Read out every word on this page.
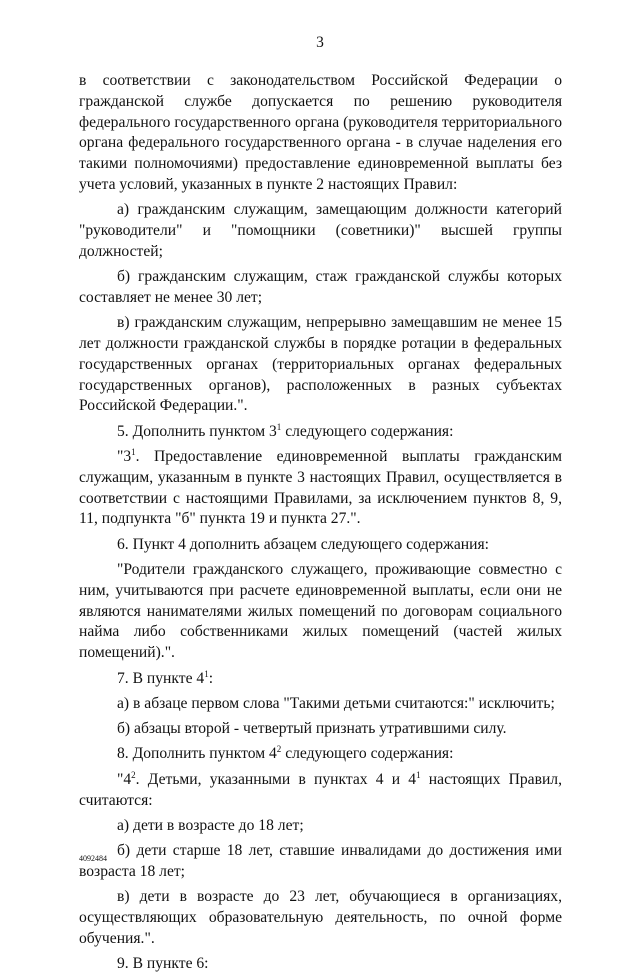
3

в соответствии с законодательством Российской Федерации о гражданской службе допускается по решению руководителя федерального государственного органа (руководителя территориального органа федерального государственного органа - в случае наделения его такими полномочиями) предоставление единовременной выплаты без учета условий, указанных в пункте 2 настоящих Правил:

а) гражданским служащим, замещающим должности категорий "руководители" и "помощники (советники)" высшей группы должностей;

б) гражданским служащим, стаж гражданской службы которых составляет не менее 30 лет;

в) гражданским служащим, непрерывно замещавшим не менее 15 лет должности гражданской службы в порядке ротации в федеральных государственных органах (территориальных органах федеральных государственных органов), расположенных в разных субъектах Российской Федерации.".

5. Дополнить пунктом $3^1$ следующего содержания:

"$3^1$. Предоставление единовременной выплаты гражданским служащим, указанным в пункте 3 настоящих Правил, осуществляется в соответствии с настоящими Правилами, за исключением пунктов 8, 9, 11, подпункта "б" пункта 19 и пункта 27.".

6. Пункт 4 дополнить абзацем следующего содержания:

"Родители гражданского служащего, проживающие совместно с ним, учитываются при расчете единовременной выплаты, если они не являются нанимателями жилых помещений по договорам социального найма либо собственниками жилых помещений (частей жилых помещений).".

7. В пункте $4^1$:

а) в абзаце первом слова "Такими детьми считаются:" исключить;

б) абзацы второй - четвертый признать утратившими силу.

8. Дополнить пунктом $4^2$ следующего содержания:

"$4^2$. Детьми, указанными в пунктах 4 и $4^1$ настоящих Правил, считаются:

а) дети в возрасте до 18 лет;

б) дети старше 18 лет, ставшие инвалидами до достижения ими возраста 18 лет;

в) дети в возрасте до 23 лет, обучающиеся в организациях, осуществляющих образовательную деятельность, по очной форме обучения.".

9. В пункте 6:

4092484
